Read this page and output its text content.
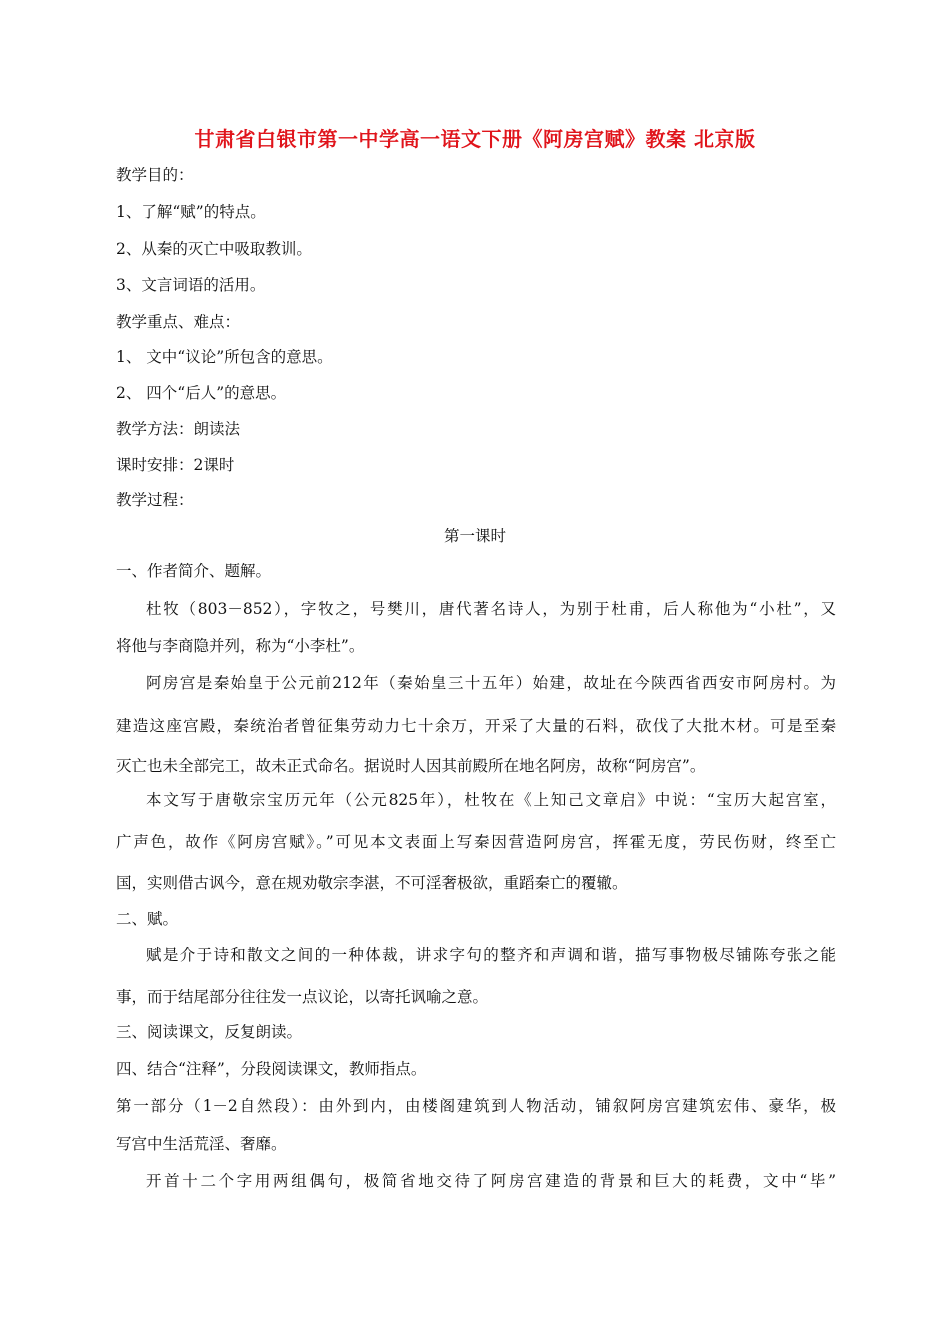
甘肃省白银市第一中学高一语文下册《阿房宫赋》教案 北京版
教学目的：
1、了解“赋”的特点。
2、从秦的灭亡中吸取教训。
3、文言词语的活用。
教学重点、难点：
1、 文中“议论”所包含的意思。
2、 四个“后人”的意思。
教学方法：朗读法
课时安排：2课时
教学过程：
第一课时
一、作者简介、题解。
杜牧（803－852），字牧之，号樊川，唐代著名诗人，为别于杜甫，后人称他为“小杜”，又
将他与李商隐并列，称为“小李杜”。
阿房宫是秦始皇于公元前212年（秦始皇三十五年）始建，故址在今陕西省西安市阿房村。为
建造这座宫殿，秦统治者曾征集劳动力七十余万，开采了大量的石料，砍伐了大批木材。可是至秦
灭亡也未全部完工，故未正式命名。据说时人因其前殿所在地名阿房，故称“阿房宫”。
本文写于唐敬宗宝历元年（公元825年），杜牧在《上知己文章启》中说：“宝历大起宫室，
广声色，故作《阿房宫赋》。”可见本文表面上写秦因营造阿房宫，挥霍无度，劳民伤财，终至亡
国，实则借古讽今，意在规劝敬宗李湛，不可淫奢极欲，重蹈秦亡的覆辙。
二、赋。
赋是介于诗和散文之间的一种体裁，讲求字句的整齐和声调和谐，描写事物极尽铺陈夸张之能
事，而于结尾部分往往发一点议论，以寄托讽喻之意。
三、阅读课文，反复朗读。
四、结合“注释”，分段阅读课文，教师指点。
第一部分（1－2自然段）：由外到内，由楼阁建筑到人物活动，铺叙阿房宫建筑宏伟、豪华，极
写宫中生活荒淫、奢靡。
开首十二个字用两组偶句，极简省地交待了阿房宫建造的背景和巨大的耗费，文中“毕”
